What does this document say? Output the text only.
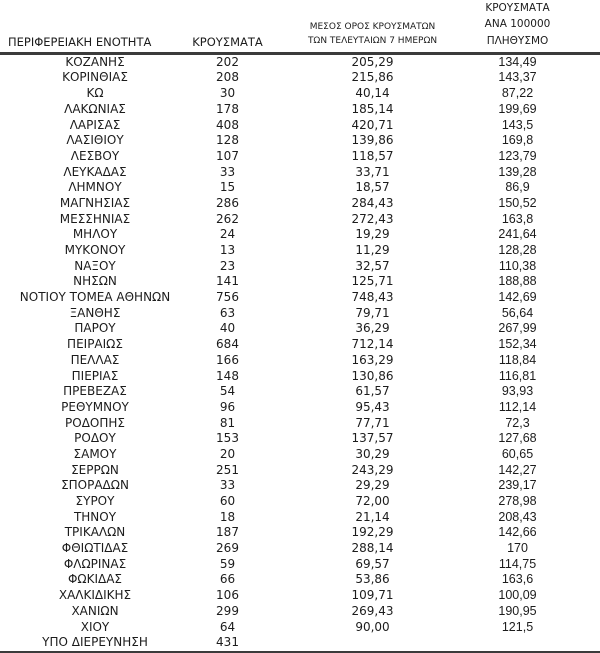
ΠΕΡΙΦΕΡΕΙΑΚΗ ΕΝΟΤΗΤΑ	ΚΡΟΥΣΜΑΤΑ	ΜΕΣΟΣ ΟΡΟΣ ΚΡΟΥΣΜΑΤΩΝ
ΤΩΝ ΤΕΛΕΥΤΑΙΩΝ 7 ΗΜΕΡΩΝ	ΚΡΟΥΣΜΑΤΑ ΑΝΑ 100000
ΠΛΗΘΥΣΜΟ
ΚΟΖΑΝΗΣ	202	205,29	134,49
ΚΟΡΙΝΘΙΑΣ	208	215,86	143,37
ΚΩ	30	40,14	87,22
ΛΑΚΩΝΙΑΣ	178	185,14	199,69
ΛΑΡΙΣΑΣ	408	420,71	143,5
ΛΑΣΙΘΙΟΥ	128	139,86	169,8
ΛΕΣΒΟΥ	107	118,57	123,79
ΛΕΥΚΑΔΑΣ	33	33,71	139,28
ΛΗΜΝΟΥ	15	18,57	86,9
ΜΑΓΝΗΣΙΑΣ	286	284,43	150,52
ΜΕΣΣΗΝΙΑΣ	262	272,43	163,8
ΜΗΛΟΥ	24	19,29	241,64
ΜΥΚΟΝΟΥ	13	11,29	128,28
ΝΑΞΟΥ	23	32,57	110,38
ΝΗΣΩΝ	141	125,71	188,88
ΝΟΤΙΟΥ ΤΟΜΕΑ ΑΘΗΝΩΝ	756	748,43	142,69
ΞΑΝΘΗΣ	63	79,71	56,64
ΠΑΡΟΥ	40	36,29	267,99
ΠΕΙΡΑΙΩΣ	684	712,14	152,34
ΠΕΛΛΑΣ	166	163,29	118,84
ΠΙΕΡΙΑΣ	148	130,86	116,81
ΠΡΕΒΕΖΑΣ	54	61,57	93,93
ΡΕΘΥΜΝΟΥ	96	95,43	112,14
ΡΟΔΟΠΗΣ	81	77,71	72,3
ΡΟΔΟΥ	153	137,57	127,68
ΣΑΜΟΥ	20	30,29	60,65
ΣΕΡΡΩΝ	251	243,29	142,27
ΣΠΟΡΑΔΩΝ	33	29,29	239,17
ΣΥΡΟΥ	60	72,00	278,98
ΤΗΝΟΥ	18	21,14	208,43
ΤΡΙΚΑΛΩΝ	187	192,29	142,66
ΦΘΙΩΤΙΔΑΣ	269	288,14	170
ΦΛΩΡΙΝΑΣ	59	69,57	114,75
ΦΩΚΙΔΑΣ	66	53,86	163,6
ΧΑΛΚΙΔΙΚΗΣ	106	109,71	100,09
ΧΑΝΙΩΝ	299	269,43	190,95
ΧΙΟΥ	64	90,00	121,5
ΥΠΟ ΔΙΕΡΕΥΝΗΣΗ	431		
